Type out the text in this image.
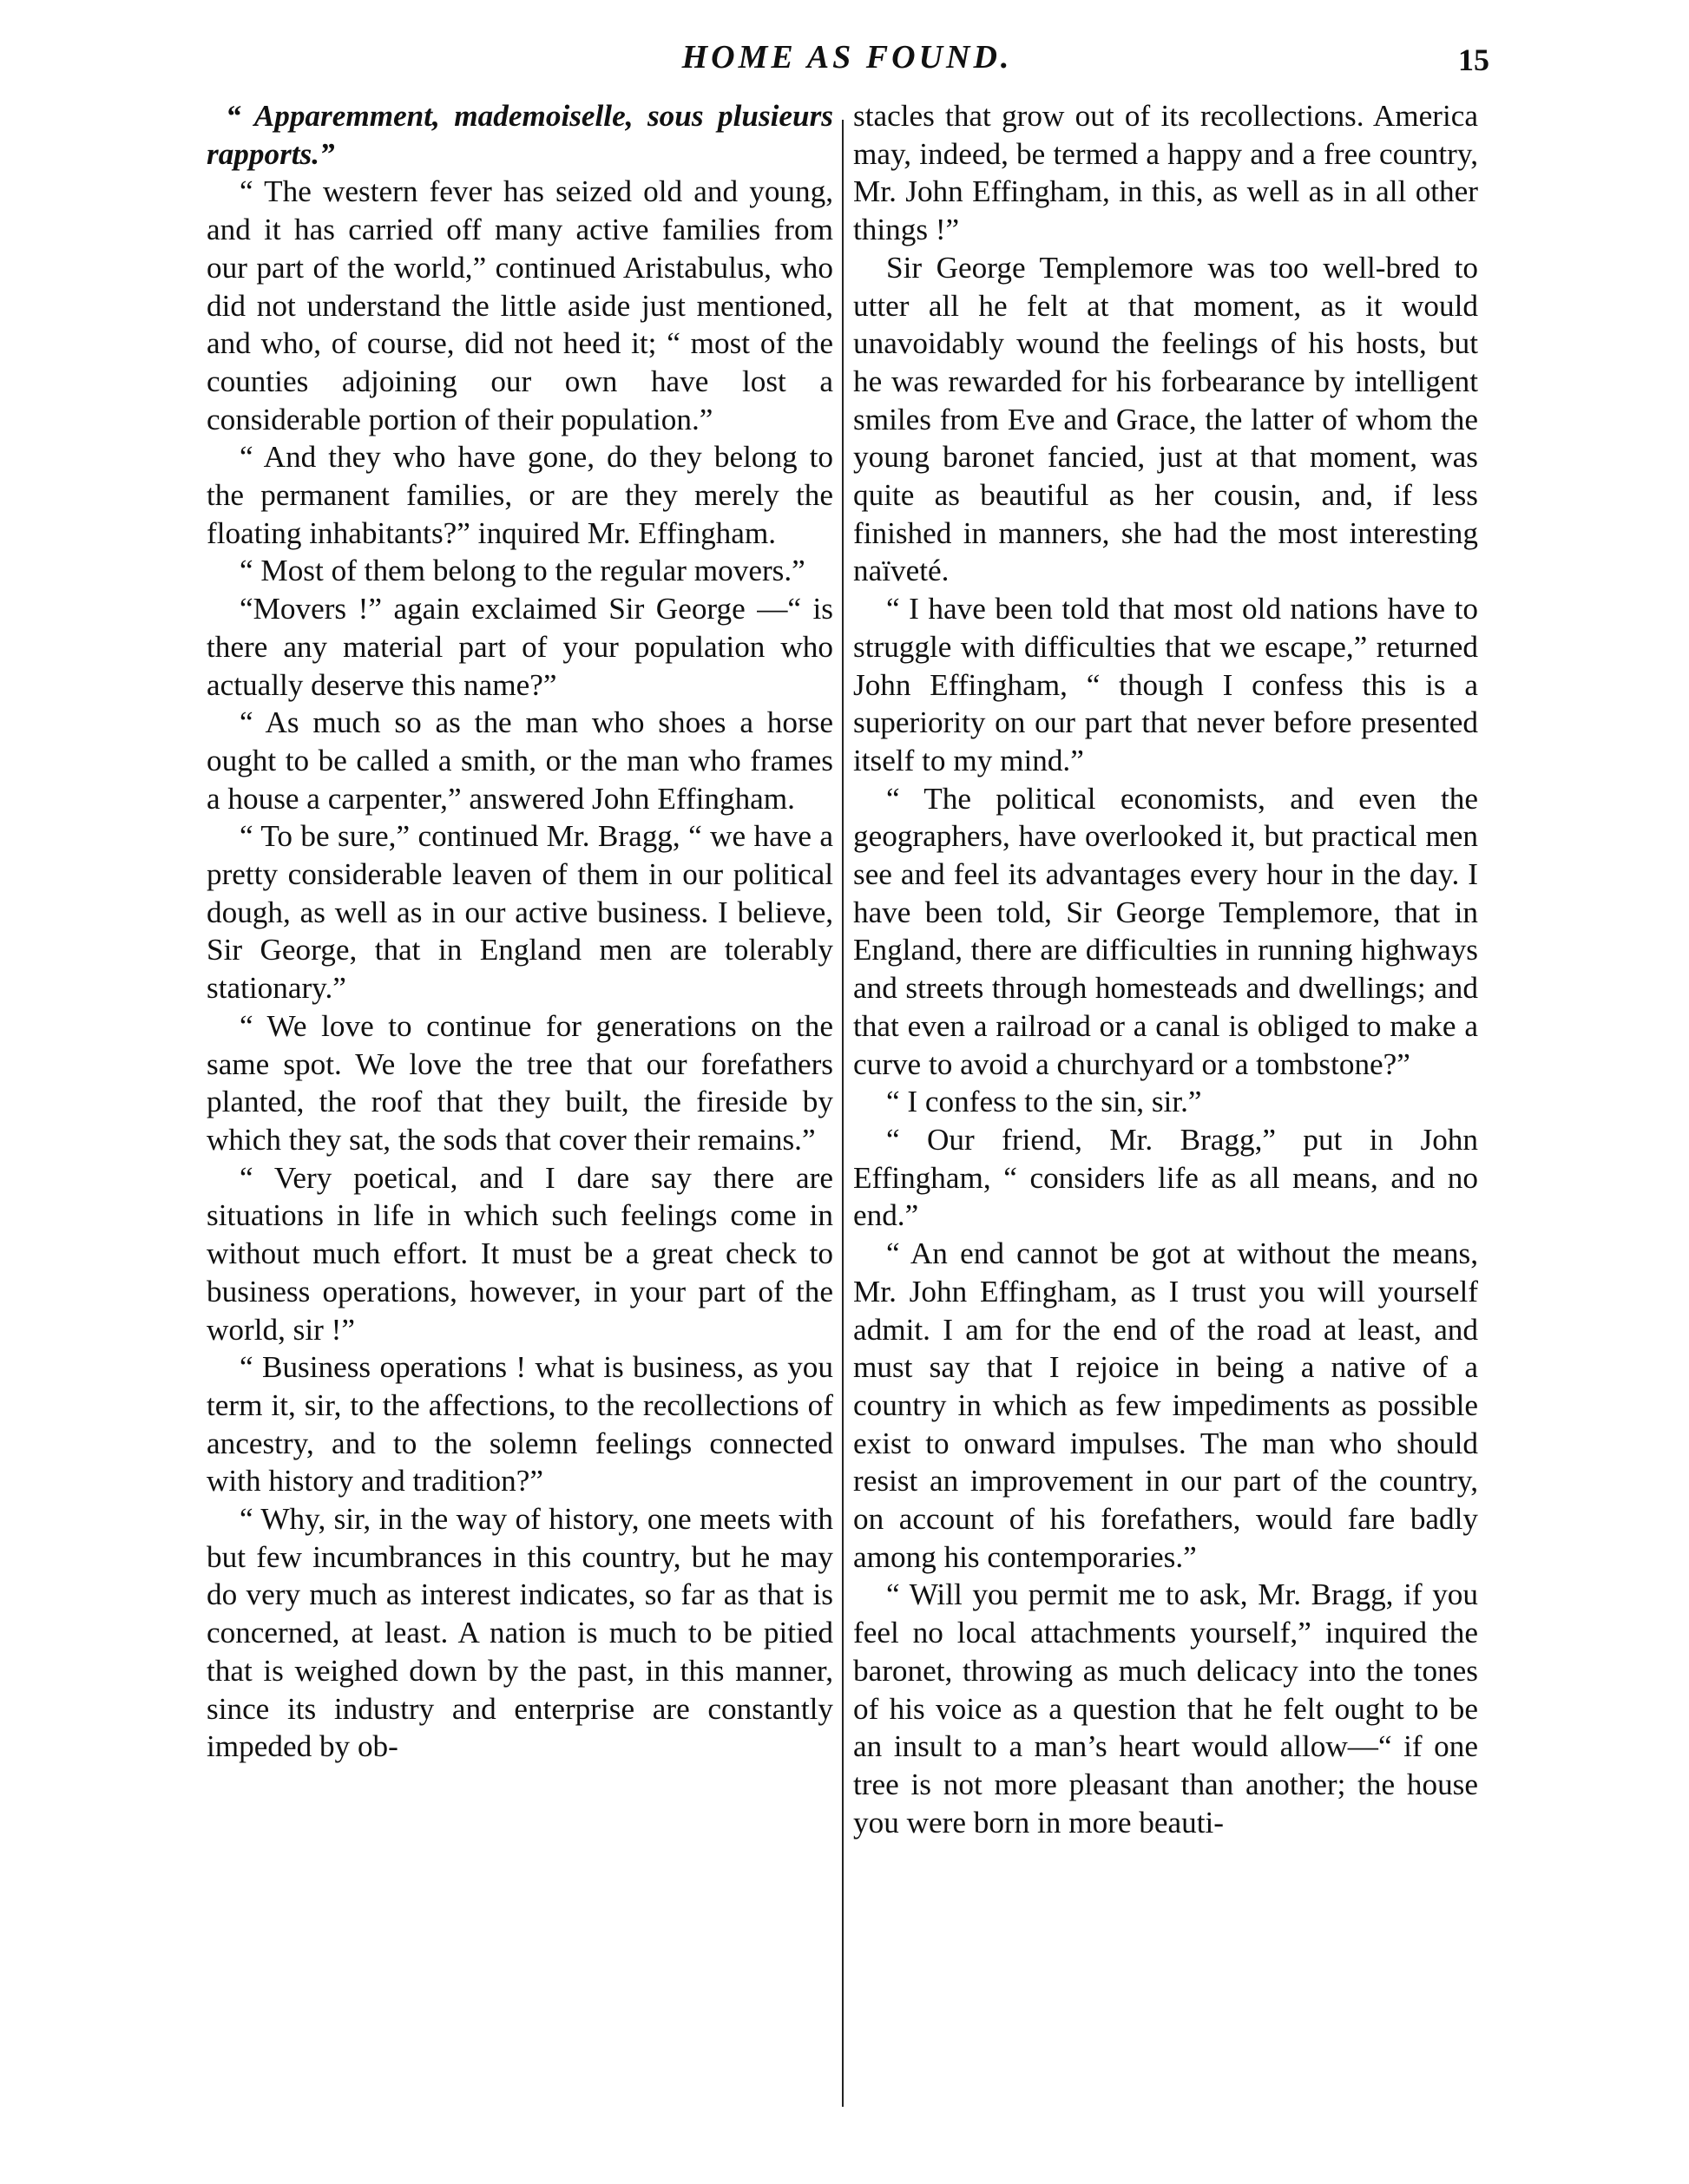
HOME AS FOUND.	15

“ Apparemment, mademoiselle, sous plusieurs rapports.”

“ The western fever has seized old and young, and it has carried off many active families from our part of the world,” continued Aristabulus, who did not understand the little aside just mentioned, and who, of course, did not heed it; “ most of the counties adjoining our own have lost a considerable portion of their population.”

“ And they who have gone, do they belong to the permanent families, or are they merely the floating inhabitants?” inquired Mr. Effingham.

“ Most of them belong to the regular movers.”

“Movers !” again exclaimed Sir George —“ is there any material part of your population who actually deserve this name?”

“ As much so as the man who shoes a horse ought to be called a smith, or the man who frames a house a carpenter,” answered John Effingham.

“ To be sure,” continued Mr. Bragg, “ we have a pretty considerable leaven of them in our political dough, as well as in our active business. I believe, Sir George, that in England men are tolerably stationary.”

“ We love to continue for generations on the same spot. We love the tree that our forefathers planted, the roof that they built, the fireside by which they sat, the sods that cover their remains.”

“ Very poetical, and I dare say there are situations in life in which such feelings come in without much effort. It must be a great check to business operations, however, in your part of the world, sir !”

“ Business operations ! what is business, as you term it, sir, to the affections, to the recollections of ancestry, and to the solemn feelings connected with history and tradition?”

“ Why, sir, in the way of history, one meets with but few incumbrances in this country, but he may do very much as interest indicates, so far as that is concerned, at least. A nation is much to be pitied that is weighed down by the past, in this manner, since its industry and enterprise are constantly impeded by ob-

stacles that grow out of its recollections. America may, indeed, be termed a happy and a free country, Mr. John Effingham, in this, as well as in all other things !”

Sir George Templemore was too well-bred to utter all he felt at that moment, as it would unavoidably wound the feelings of his hosts, but he was rewarded for his forbearance by intelligent smiles from Eve and Grace, the latter of whom the young baronet fancied, just at that moment, was quite as beautiful as her cousin, and, if less finished in manners, she had the most interesting naïveté.

“ I have been told that most old nations have to struggle with difficulties that we escape,” returned John Effingham, “ though I confess this is a superiority on our part that never before presented itself to my mind.”

“ The political economists, and even the geographers, have overlooked it, but practical men see and feel its advantages every hour in the day. I have been told, Sir George Templemore, that in England, there are difficulties in running highways and streets through homesteads and dwellings; and that even a railroad or a canal is obliged to make a curve to avoid a churchyard or a tombstone?”

“ I confess to the sin, sir.”

“ Our friend, Mr. Bragg,” put in John Effingham, “ considers life as all means, and no end.”

“ An end cannot be got at without the means, Mr. John Effingham, as I trust you will yourself admit. I am for the end of the road at least, and must say that I rejoice in being a native of a country in which as few impediments as possible exist to onward impulses. The man who should resist an improvement in our part of the country, on account of his forefathers, would fare badly among his contemporaries.”

“ Will you permit me to ask, Mr. Bragg, if you feel no local attachments yourself,” inquired the baronet, throwing as much delicacy into the tones of his voice as a question that he felt ought to be an insult to a man’s heart would allow—“ if one tree is not more pleasant than another; the house you were born in more beauti-
